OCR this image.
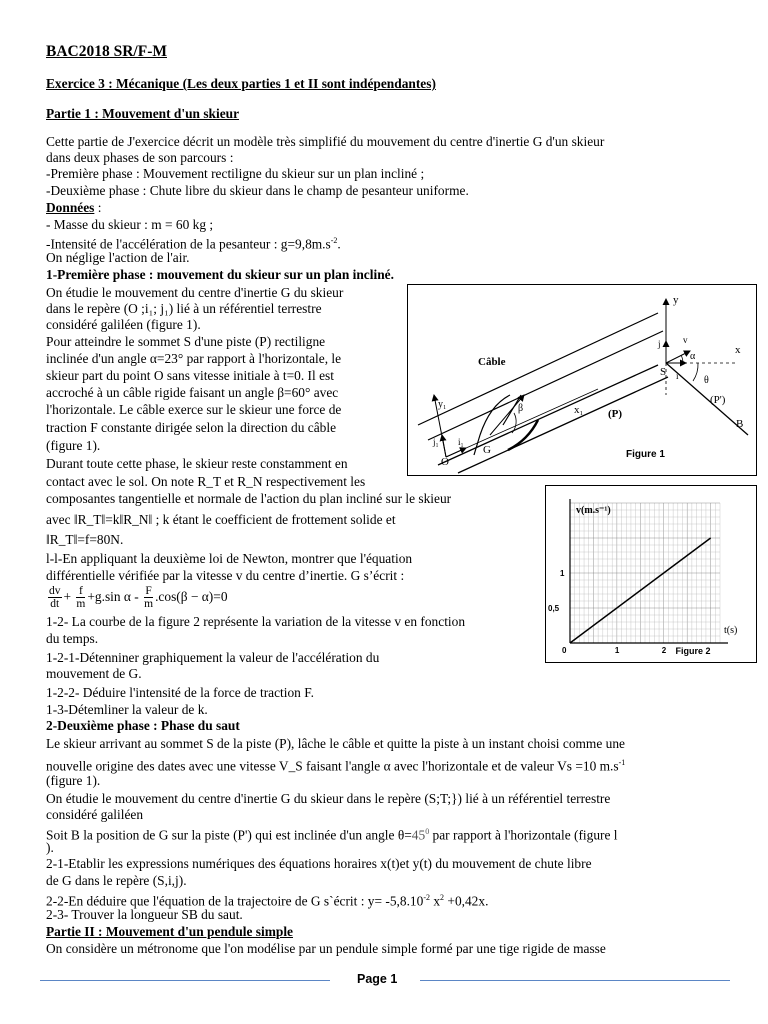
BAC2018 SR/F-M
Exercice 3 : Mécanique (Les deux parties 1 et II sont indépendantes)
Partie 1 : Mouvement d'un skieur
Cette partie de J'exercice décrit un modèle très simplifié du mouvement du centre d'inertie G d'un skieur
dans deux phases de son parcours :
-Première phase : Mouvement rectiligne du skieur sur un plan incliné ;
-Deuxième phase : Chute libre du skieur dans le champ de pesanteur uniforme.
Données :
- Masse du skieur : m = 60 kg ;
-Intensité de l'accélération de la pesanteur : $g=9,8m.s^{-2}$.
On néglige l'action de l'air.
1-Première phase : mouvement du skieur sur un plan incliné.
On étudie le mouvement du centre d'inertie G du skieur
dans le repère (O ;i₁; j₁) lié à un référentiel terrestre
considéré galiléen (figure 1).
Pour atteindre le sommet S d'une piste (P) rectiligne
inclinée d'un angle α=23° par rapport à l'horizontale, le
skieur part du point O sans vitesse initiale à t=0. Il est
accroché à un câble rigide faisant un angle β=60° avec
l'horizontale. Le câble exerce sur le skieur une force de
traction F constante dirigée selon la direction du câble
(figure 1).
Durant toute cette phase, le skieur reste constamment en
contact avec le sol. On note R_T et R_N respectivement les
composantes tangentielle et normale de l'action du plan incliné sur le skieur
avec ‖R_T‖=k‖R_N‖ ; k étant le coefficient de frottement solide et
‖R_T‖=f=80N.
l-l-En appliquant la deuxième loi de Newton, montrer que l'équation
différentielle vérifiée par la vitesse v du centre d’inertie. G s’écrit :
$\frac{dv}{dt} + \frac{f}{m} +g.\sin$ $\alpha - \frac{F}{m} .\cos(\beta - \alpha)=0$
1-2- La courbe de la figure 2 représente la variation de la vitesse v en fonction
du temps.
1-2-1-Détenniner graphiquement la valeur de l'accélération du
mouvement de G.
1-2-2- Déduire l'intensité de la force de traction F.
1-3-Détemliner la valeur de k.
2-Deuxième phase : Phase du saut
Le skieur arrivant au sommet S de la piste (P), lâche le câble et quitte la piste à un instant choisi comme une
nouvelle origine des dates avec une vitesse V_S faisant l'angle α avec l'horizontale et de valeur Vs =10 $m.s^{-1}$
(figure 1).
On étudie le mouvement du centre d'inertie G du skieur dans le repère (S;T;}) lié à un référentiel terrestre
considéré galiléen
Soit B la position de G sur la piste (P') qui est inclinée d'un angle $\theta=45^0$ par rapport à l'horizontale (figure l
).
2-1-Etablir les expressions numériques des équations horaires x(t)et y(t) du mouvement de chute libre
de G dans le repère (S,i,j).
2-2-En déduire que l'équation de la trajectoire de G s`écrit : $y= -5,8.10^{-2}$ $x^2 +0,42x$.
2-3- Trouver la longueur SB du saut.
Partie II : Mouvement d'un pendule simple
On considère un métronome que l'on modélise par un pendule simple formé par une tige rigide de masse
Câble
(P)
(P')
x
y
x₁
y₁
O
S
B
G
α
β
θ
i
j v
i₁
j₁
Figure 1
v(m.s⁻¹)
t(s)
0	1	2
0,5
1
Figure 2
Page 1
